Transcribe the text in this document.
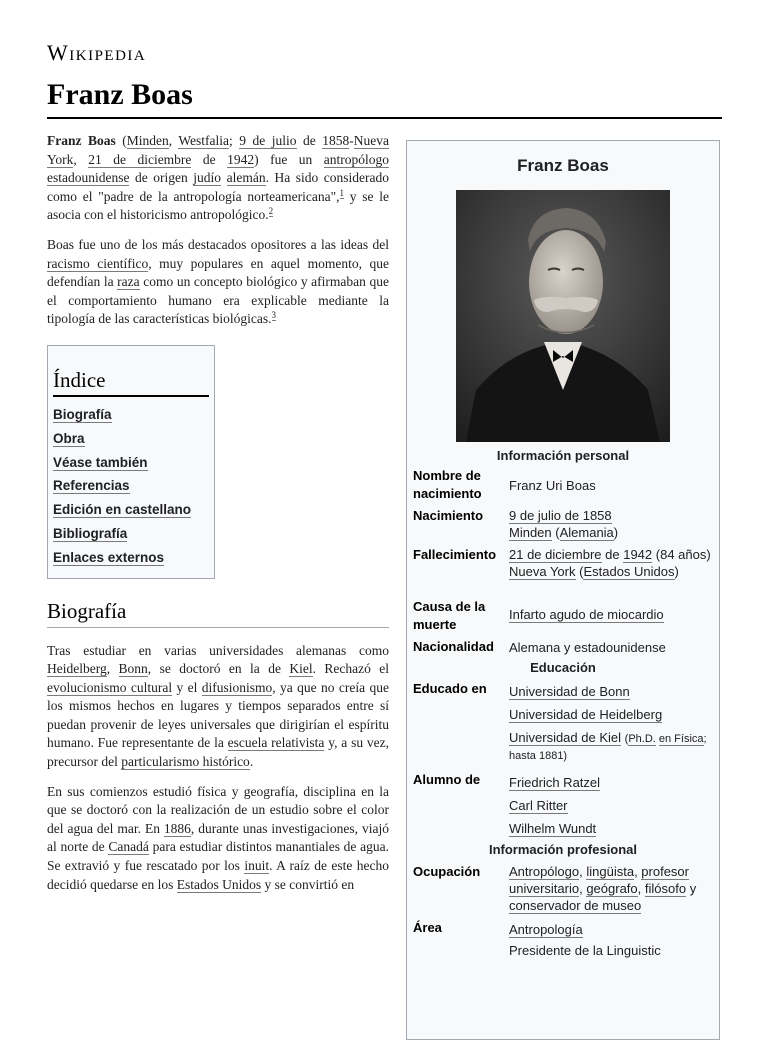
Wikipedia
Franz Boas

Franz Boas (Minden, Westfalia; 9 de julio de 1858-Nueva York, 21 de diciembre de 1942) fue un antropólogo estadounidense de origen judío alemán. Ha sido considerado como el "padre de la antropología norteamericana",$^1$ y se le asocia con el historicismo antropológico.$^2$

Boas fue uno de los más destacados opositores a las ideas del racismo científico, muy populares en aquel momento, que defendían la raza como un concepto biológico y afirmaban que el comportamiento humano era explicable mediante la tipología de las características biológicas.$^3$

Índice
Biografía
Obra
Véase también
Referencias
Edición en castellano
Bibliografía
Enlaces externos
Biografía

Tras estudiar en varias universidades alemanas como Heidelberg, Bonn, se doctoró en la de Kiel. Rechazó el evolucionismo cultural y el difusionismo, ya que no creía que los mismos hechos en lugares y tiempos separados entre sí puedan provenir de leyes universales que dirigirían el espíritu humano. Fue representante de la escuela relativista y, a su vez, precursor del particularismo histórico.

En sus comienzos estudió física y geografía, disciplina en la que se doctoró con la realización de un estudio sobre el color del agua del mar. En 1886, durante unas investigaciones, viajó al norte de Canadá para estudiar distintos manantiales de agua. Se extravió y fue rescatado por los inuit. A raíz de este hecho decidió quedarse en los Estados Unidos y se convirtió en

Franz Boas
Información personal
Nombre de nacimiento	Franz Uri Boas
Nacimiento	9 de julio de 1858
Minden (Alemania)
Fallecimiento	21 de diciembre de 1942 (84 años)
Nueva York (Estados Unidos)
Causa de la muerte	Infarto agudo de miocardio
Nacionalidad	Alemana y estadounidense
Educación
Educado en	Universidad de Bonn
Universidad de Heidelberg
Universidad de Kiel (Ph.D. en Física; hasta 1881)
Alumno de	Friedrich Ratzel
Carl Ritter
Wilhelm Wundt
Información profesional
Ocupación	Antropólogo, lingüista, profesor universitario, geógrafo, filósofo y conservador de museo
Área	Antropología
Presidente de la Linguistic
